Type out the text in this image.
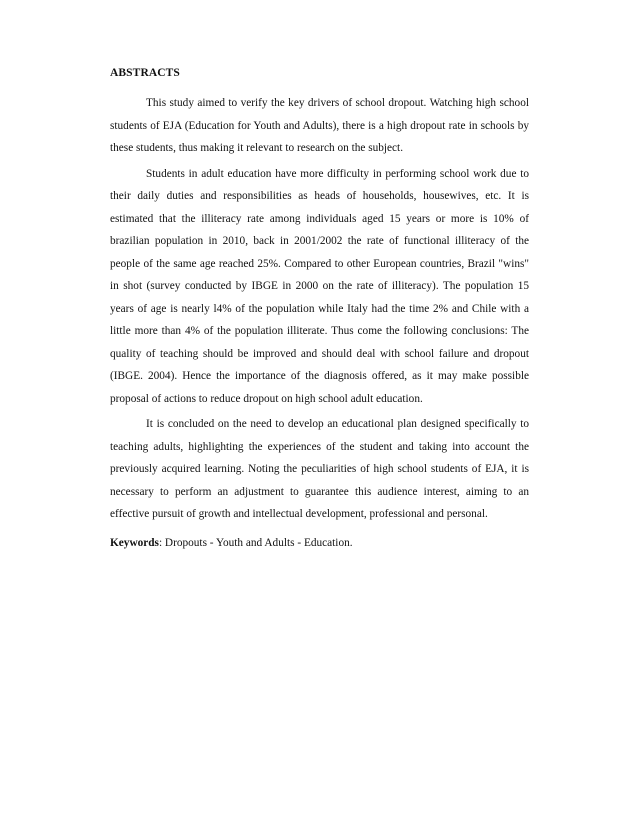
ABSTRACTS

This study aimed to verify the key drivers of school dropout. Watching high school students of EJA (Education for Youth and Adults), there is a high dropout rate in schools by these students, thus making it relevant to research on the subject.

Students in adult education have more difficulty in performing school work due to their daily duties and responsibilities as heads of households, housewives, etc. It is estimated that the illiteracy rate among individuals aged 15 years or more is 10% of brazilian population in 2010, back in 2001/2002 the rate of functional illiteracy of the people of the same age reached 25%. Compared to other European countries, Brazil "wins" in shot (survey conducted by IBGE in 2000 on the rate of illiteracy). The population 15 years of age is nearly l4% of the population while Italy had the time 2% and Chile with a little more than 4% of the population illiterate. Thus come the following conclusions: The quality of teaching should be improved and should deal with school failure and dropout (IBGE. 2004). Hence the importance of the diagnosis offered, as it may make possible proposal of actions to reduce dropout on high school adult education.

It is concluded on the need to develop an educational plan designed specifically to teaching adults, highlighting the experiences of the student and taking into account the previously acquired learning. Noting the peculiarities of high school students of EJA, it is necessary to perform an adjustment to guarantee this audience interest, aiming to an effective pursuit of growth and intellectual development, professional and personal.

Keywords: Dropouts - Youth and Adults - Education.
